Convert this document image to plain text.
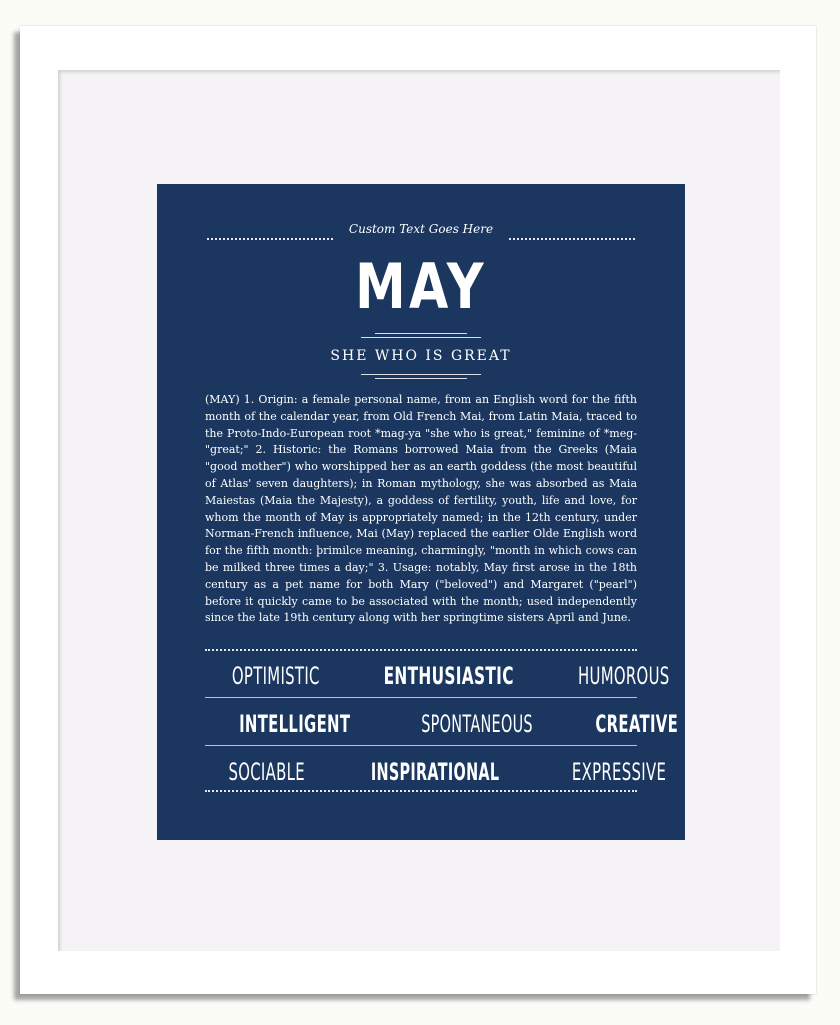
Custom Text Goes Here
MAY
SHE WHO IS GREAT

(MAY) 1. Origin: a female personal name, from an English word for the fifth month of the calendar year, from Old French Mai, from Latin Maia, traced to the Proto-Indo-European root *mag-ya "she who is great," feminine of *meg- "great;" 2. Historic: the Romans borrowed Maia from the Greeks (Maia "good mother") who worshipped her as an earth goddess (the most beautiful of Atlas' seven daughters); in Roman mythology, she was absorbed as Maia Maiestas (Maia the Majesty), a goddess of fertility, youth, life and love, for whom the month of May is appropriately named; in the 12th century, under Norman-French influence, Mai (May) replaced the earlier Olde English word for the fifth month: þrimilce meaning, charmingly, "month in which cows can be milked three times a day;" 3. Usage: notably, May first arose in the 18th century as a pet name for both Mary ("beloved") and Margaret ("pearl") before it quickly came to be associated with the month; used independently since the late 19th century along with her springtime sisters April and June.

OPTIMISTIC	ENTHUSIASTIC	HUMOROUS
INTELLIGENT	SPONTANEOUS	CREATIVE
SOCIABLE	INSPIRATIONAL	EXPRESSIVE
